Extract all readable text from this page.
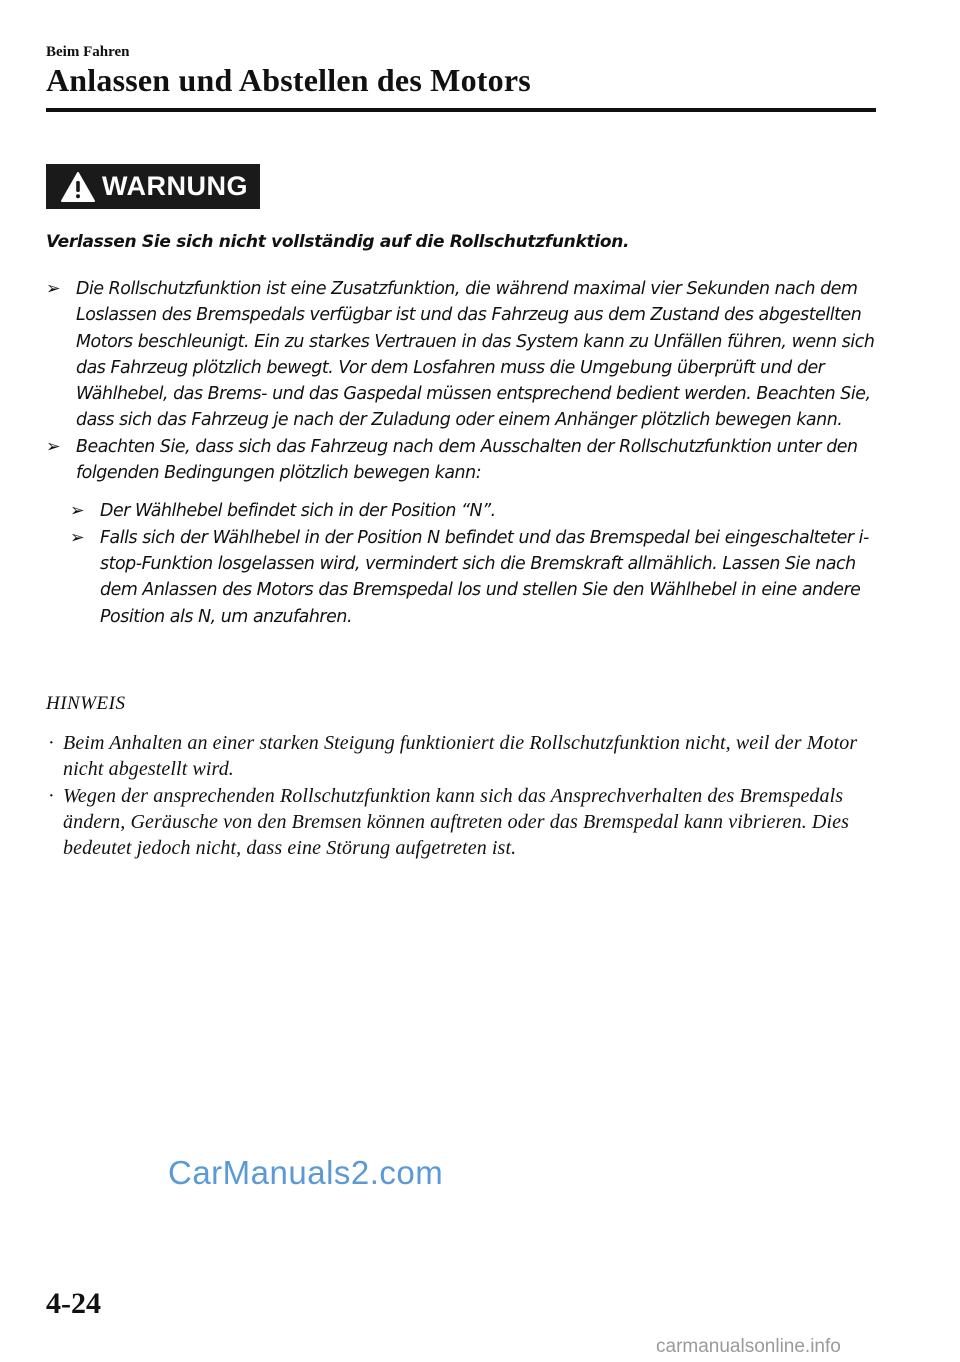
Beim Fahren
Anlassen und Abstellen des Motors
WARNUNG
Verlassen Sie sich nicht vollständig auf die Rollschutzfunktion.
➢ Die Rollschutzfunktion ist eine Zusatzfunktion, die während maximal vier Sekunden nach dem Loslassen des Bremspedals verfügbar ist und das Fahrzeug aus dem Zustand des abgestellten Motors beschleunigt. Ein zu starkes Vertrauen in das System kann zu Unfällen führen, wenn sich das Fahrzeug plötzlich bewegt. Vor dem Losfahren muss die Umgebung überprüft und der Wählhebel, das Brems- und das Gaspedal müssen entsprechend bedient werden. Beachten Sie, dass sich das Fahrzeug je nach der Zuladung oder einem Anhänger plötzlich bewegen kann.
➢ Beachten Sie, dass sich das Fahrzeug nach dem Ausschalten der Rollschutzfunktion unter den folgenden Bedingungen plötzlich bewegen kann:
➢ Der Wählhebel befindet sich in der Position “N”.
➢ Falls sich der Wählhebel in der Position N befindet und das Bremspedal bei eingeschalteter i-stop-Funktion losgelassen wird, vermindert sich die Bremskraft allmählich. Lassen Sie nach dem Anlassen des Motors das Bremspedal los und stellen Sie den Wählhebel in eine andere Position als N, um anzufahren.
HINWEIS
· Beim Anhalten an einer starken Steigung funktioniert die Rollschutzfunktion nicht, weil der Motor nicht abgestellt wird.
· Wegen der ansprechenden Rollschutzfunktion kann sich das Ansprechverhalten des Bremspedals ändern, Geräusche von den Bremsen können auftreten oder das Bremspedal kann vibrieren. Dies bedeutet jedoch nicht, dass eine Störung aufgetreten ist.
CarManuals2.com
4-24
carmanualsonline.info
